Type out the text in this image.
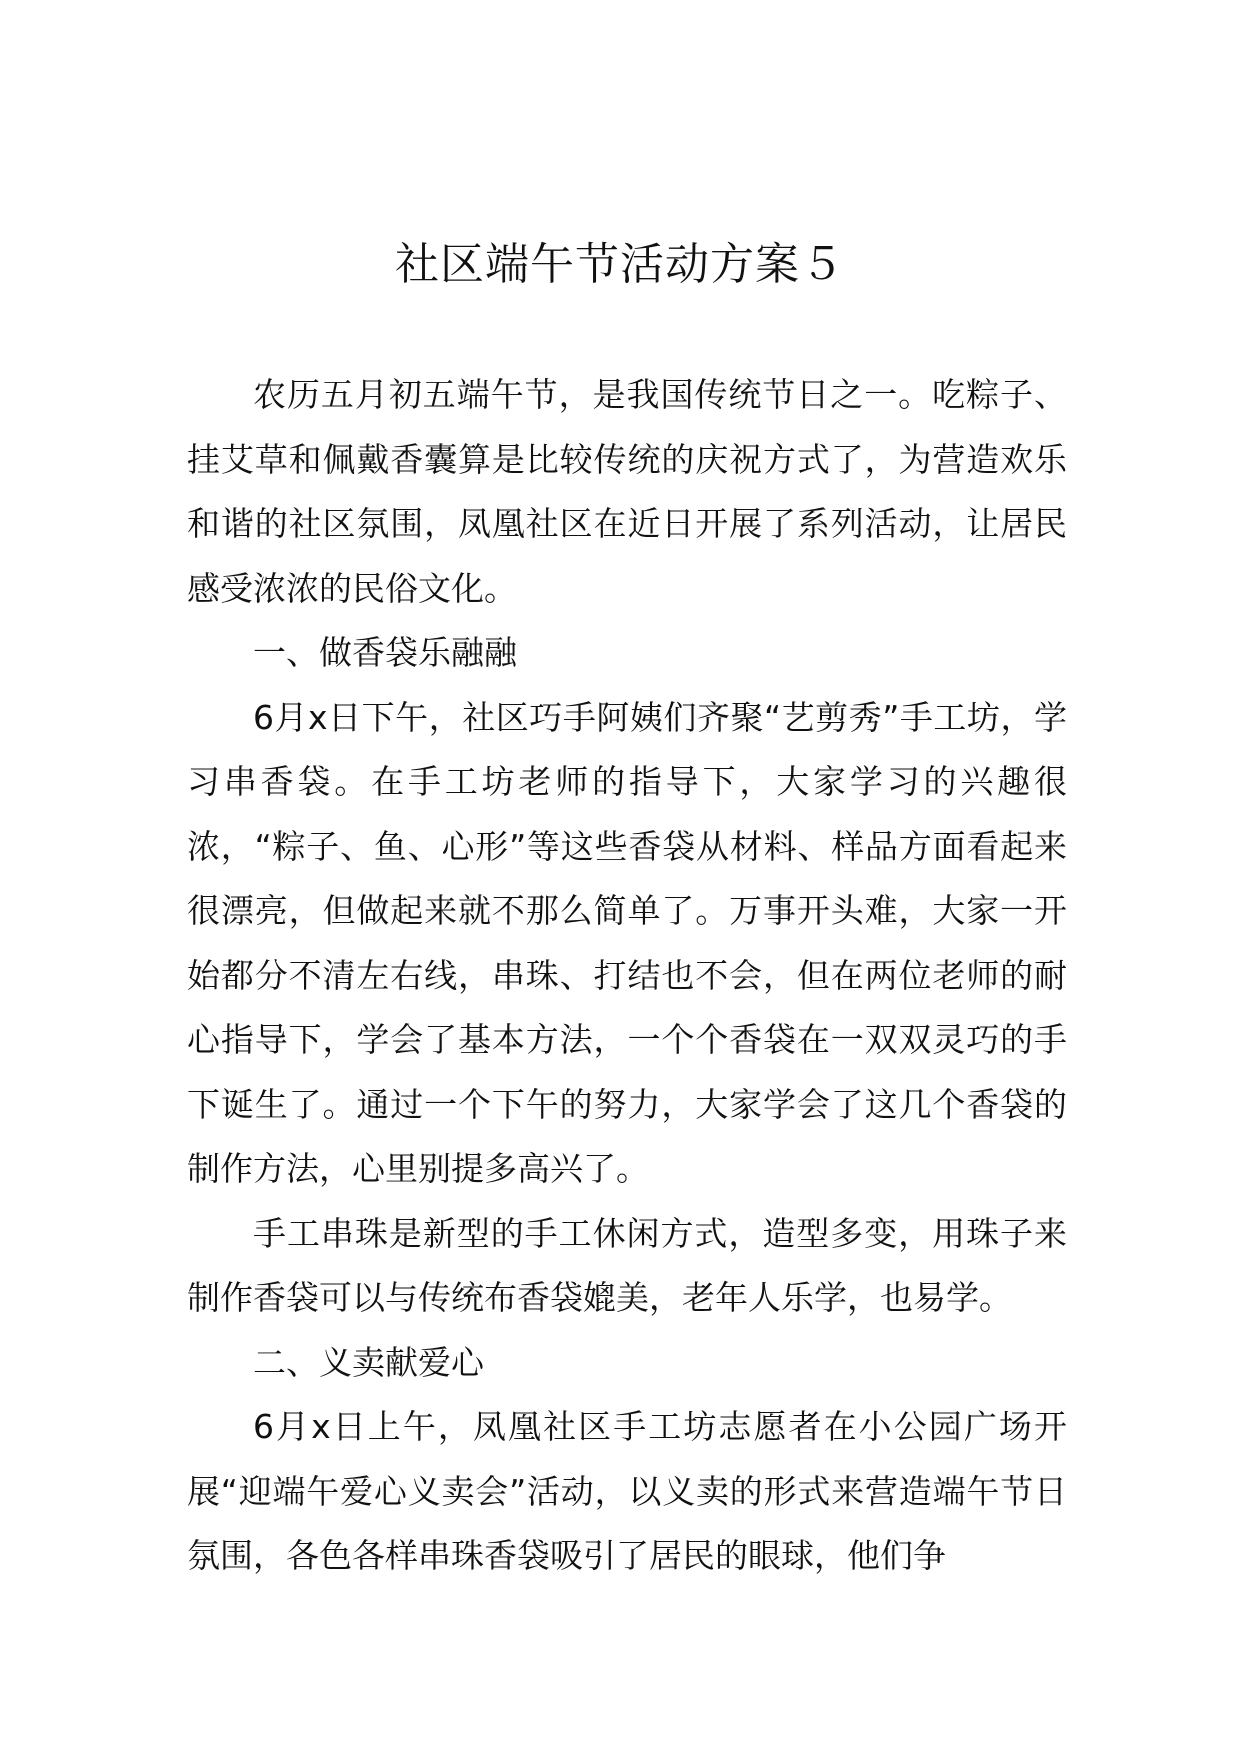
社区端午节活动方案５

农历五月初五端午节，是我国传统节日之一。吃粽子、挂艾草和佩戴香囊算是比较传统的庆祝方式了，为营造欢乐和谐的社区氛围，凤凰社区在近日开展了系列活动，让居民感受浓浓的民俗文化。

一、做香袋乐融融

6月x日下午，社区巧手阿姨们齐聚“艺剪秀”手工坊，学习串香袋。在手工坊老师的指导下，大家学习的兴趣很浓，“粽子、鱼、心形”等这些香袋从材料、样品方面看起来很漂亮，但做起来就不那么简单了。万事开头难，大家一开始都分不清左右线，串珠、打结也不会，但在两位老师的耐心指导下，学会了基本方法，一个个香袋在一双双灵巧的手下诞生了。通过一个下午的努力，大家学会了这几个香袋的制作方法，心里别提多高兴了。

手工串珠是新型的手工休闲方式，造型多变，用珠子来制作香袋可以与传统布香袋媲美，老年人乐学，也易学。

二、义卖献爱心

6月x日上午，凤凰社区手工坊志愿者在小公园广场开展“迎端午爱心义卖会”活动，以义卖的形式来营造端午节日氛围，各色各样串珠香袋吸引了居民的眼球，他们争
